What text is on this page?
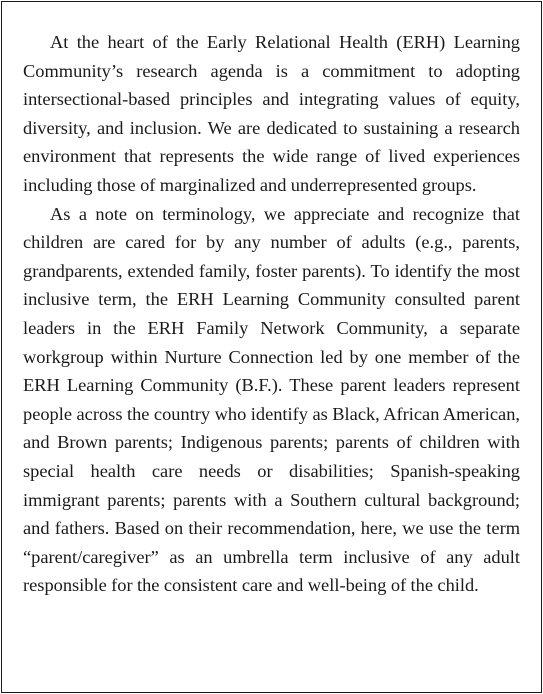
At the heart of the Early Relational Health (ERH) Learning Community’s research agenda is a commitment to adopting intersectional-based principles and integrating values of equity, diversity, and inclusion. We are dedicated to sustaining a research environment that represents the wide range of lived experiences including those of marginalized and underrepresented groups.

As a note on terminology, we appreciate and recognize that children are cared for by any number of adults (e.g., parents, grandparents, extended family, foster parents). To identify the most inclusive term, the ERH Learning Community consulted parent leaders in the ERH Family Network Community, a separate workgroup within Nurture Connection led by one member of the ERH Learning Community (B.F.). These parent leaders represent people across the country who identify as Black, African American, and Brown parents; Indigenous parents; parents of children with special health care needs or disabilities; Spanish-speaking immigrant parents; parents with a Southern cultural background; and fathers. Based on their recommendation, here, we use the term “parent/caregiver” as an umbrella term inclusive of any adult responsible for the consistent care and well-being of the child.
